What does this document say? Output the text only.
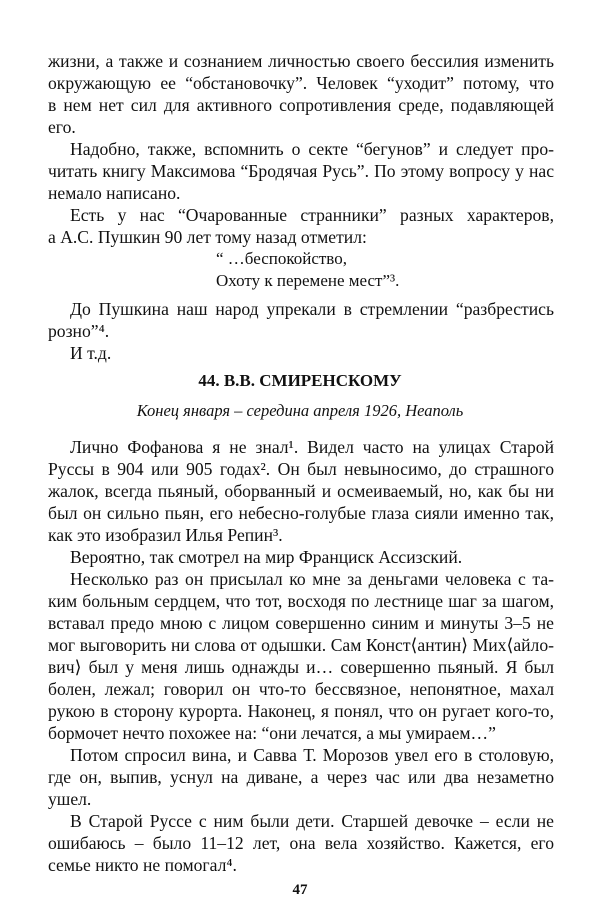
жизни, а также и сознанием личностью своего бессилия изменить
окружающую ее “обстановочку”. Человек “уходит” потому, что
в нем нет сил для активного сопротивления среде, подавляющей
его.
Надобно, также, вспомнить о секте “бегунов” и следует про-
читать книгу Максимова “Бродячая Русь”. По этому вопросу у нас
немало написано.
Есть у нас “Очарованные странники” разных характеров,
а А.С. Пушкин 90 лет тому назад отметил:
“ …беспокойство,
Охоту к перемене мест”³.
До Пушкина наш народ упрекали в стремлении “разбрестись
розно”⁴.
И т.д.
44. В.В. СМИРЕНСКОМУ
Конец января – середина апреля 1926, Неаполь
Лично Фофанова я не знал¹. Видел часто на улицах Старой
Руссы в 904 или 905 годах². Он был невыносимо, до страшного
жалок, всегда пьяный, оборванный и осмеиваемый, но, как бы ни
был он сильно пьян, его небесно-голубые глаза сияли именно так,
как это изобразил Илья Репин³.
Вероятно, так смотрел на мир Франциск Ассизский.
Несколько раз он присылал ко мне за деньгами человека с та-
ким больным сердцем, что тот, восходя по лестнице шаг за шагом,
вставал предо мною с лицом совершенно синим и минуты 3–5 не
мог выговорить ни слова от одышки. Сам Конст⟨антин⟩ Мих⟨айло-
вич⟩ был у меня лишь однажды и… совершенно пьяный. Я был
болен, лежал; говорил он что-то бессвязное, непонятное, махал
рукою в сторону курорта. Наконец, я понял, что он ругает кого-то,
бормочет нечто похожее на: “они лечатся, а мы умираем…”
Потом спросил вина, и Савва Т. Морозов увел его в столовую,
где он, выпив, уснул на диване, а через час или два незаметно
ушел.
В Старой Руссе с ним были дети. Старшей девочке – если не
ошибаюсь – было 11–12 лет, она вела хозяйство. Кажется, его
семье никто не помогал⁴.
47
